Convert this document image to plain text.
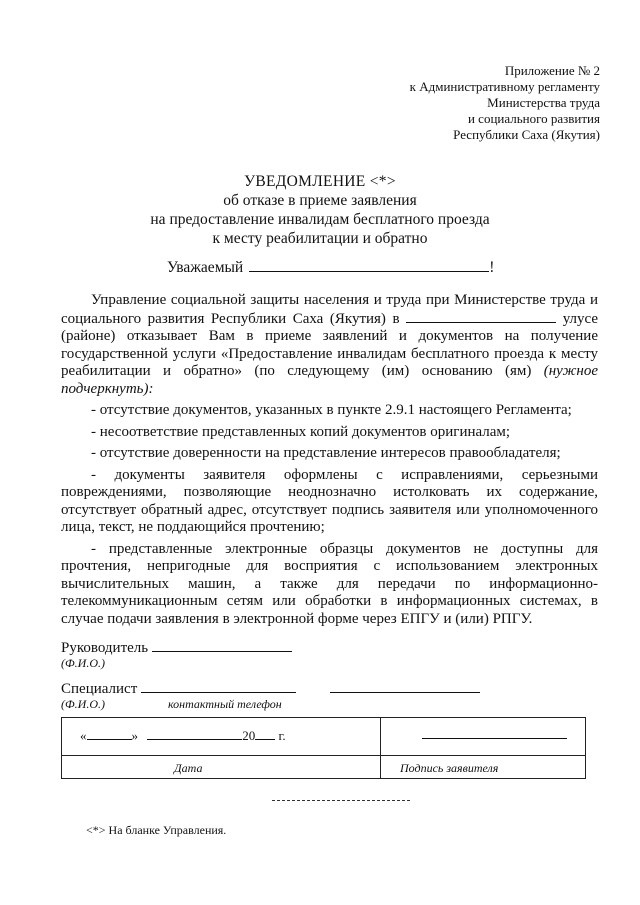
Приложение № 2
к Административному регламенту
Министерства труда
и социального развития
Республики Саха (Якутия)
УВЕДОМЛЕНИЕ <*>
об отказе в приеме заявления
на предоставление инвалидам бесплатного проезда
к месту реабилитации и обратно
Уважаемый	!

Управление социальной защиты населения и труда при Министерстве труда и социального развития Республики Саха (Якутия) в	улусе (районе) отказывает Вам в приеме заявлений и документов на получение государственной услуги «Предоставление инвалидам бесплатного проезда к месту реабилитации и обратно» (по следующему (им) основанию (ям) (нужное подчеркнуть):

- отсутствие документов, указанных в пункте 2.9.1 настоящего Регламента;

- несоответствие представленных копий документов оригиналам;

- отсутствие доверенности на представление интересов правообладателя;

- документы заявителя оформлены с исправлениями, серьезными повреждениями, позволяющие неоднозначно истолковать их содержание, отсутствует обратный адрес, отсутствует подпись заявителя или уполномоченного лица, текст, не поддающийся прочтению;

- представленные электронные образцы документов не доступны для прочтения, непригодные для восприятия с использованием электронных вычислительных машин, а также для передачи по информационно-телекоммуникационным сетям или обработки в информационных системах, в случае подачи заявления в электронной форме через ЕПГУ и (или) РПГУ.

Руководитель
(Ф.И.О.)
Специалист
(Ф.И.О.)	контактный телефон
«	»	20 г.
Дата	Подпись заявителя
<*> На бланке Управления.
